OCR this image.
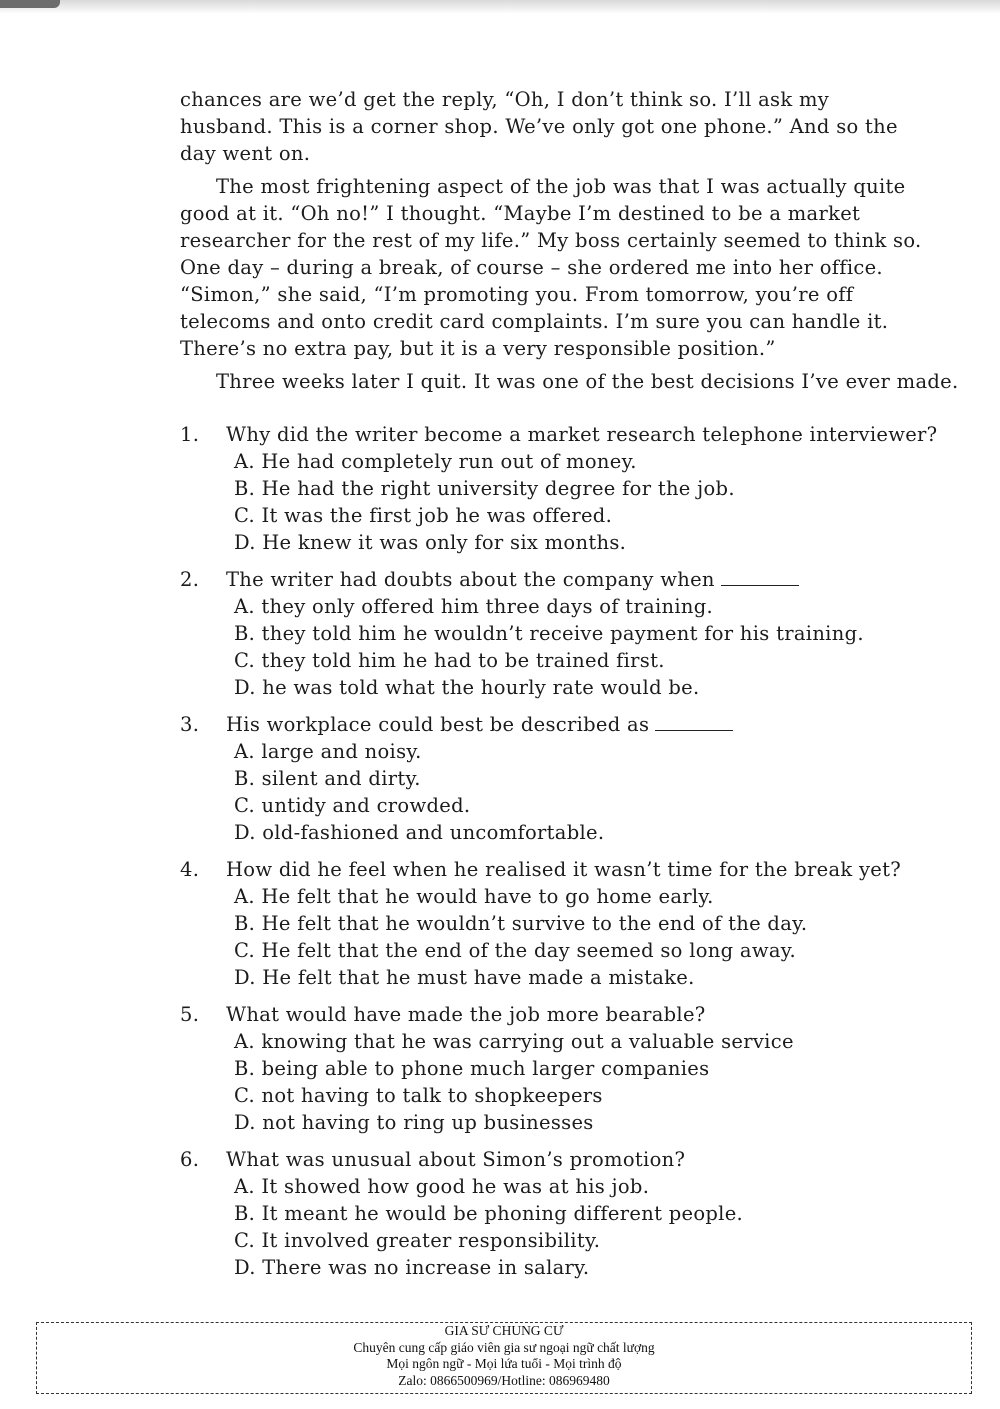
chances are we’d get the reply, “Oh, I don’t think so. I’ll ask my
husband. This is a corner shop. We’ve only got one phone.” And so the
day went on.

The most frightening aspect of the job was that I was actually quite
good at it. “Oh no!” I thought. “Maybe I’m destined to be a market
researcher for the rest of my life.” My boss certainly seemed to think so.
One day – during a break, of course – she ordered me into her office.
“Simon,” she said, “I’m promoting you. From tomorrow, you’re off
telecoms and onto credit card complaints. I’m sure you can handle it.
There’s no extra pay, but it is a very responsible position.”

Three weeks later I quit. It was one of the best decisions I’ve ever made.

1. Why did the writer become a market research telephone interviewer?
A. He had completely run out of money.
B. He had the right university degree for the job.
C. It was the first job he was offered.
D. He knew it was only for six months.
2. The writer had doubts about the company when
A. they only offered him three days of training.
B. they told him he wouldn’t receive payment for his training.
C. they told him he had to be trained first.
D. he was told what the hourly rate would be.
3. His workplace could best be described as
A. large and noisy.
B. silent and dirty.
C. untidy and crowded.
D. old-fashioned and uncomfortable.
4. How did he feel when he realised it wasn’t time for the break yet?
A. He felt that he would have to go home early.
B. He felt that he wouldn’t survive to the end of the day.
C. He felt that the end of the day seemed so long away.
D. He felt that he must have made a mistake.
5. What would have made the job more bearable?
A. knowing that he was carrying out a valuable service
B. being able to phone much larger companies
C. not having to talk to shopkeepers
D. not having to ring up businesses
6. What was unusual about Simon’s promotion?
A. It showed how good he was at his job.
B. It meant he would be phoning different people.
C. It involved greater responsibility.
D. There was no increase in salary.
GIA SƯ CHUNG CƯ
Chuyên cung cấp giáo viên gia sư ngoại ngữ chất lượng
Mọi ngôn ngữ - Mọi lứa tuổi - Mọi trình độ
Zalo: 0866500969/Hotline: 086969480
